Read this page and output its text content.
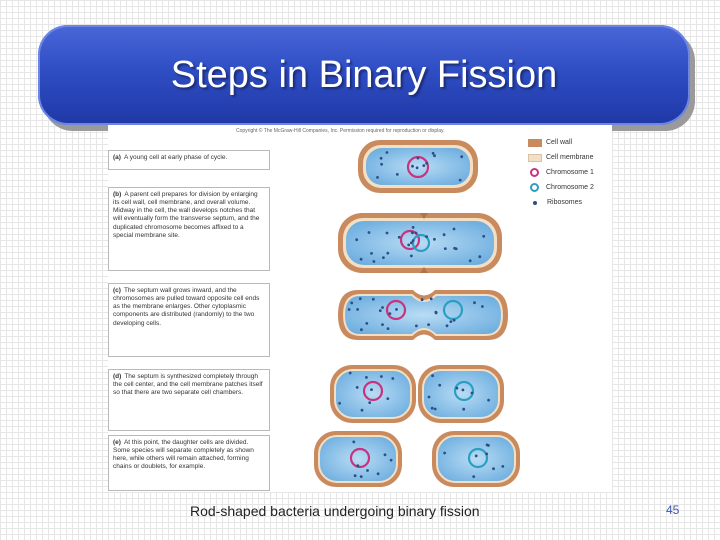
Steps in Binary Fission
Copyright © The McGraw-Hill Companies, Inc. Permission required for reproduction or display.
(a) A young cell at early phase of cycle.
(b) A parent cell prepares for division by enlarging its cell wall, cell membrane, and overall volume. Midway in the cell, the wall develops notches that will eventually form the transverse septum, and the duplicated chromosome becomes affixed to a special membrane site.
(c) The septum wall grows inward, and the chromosomes are pulled toward opposite cell ends as the membrane enlarges. Other cytoplasmic components are distributed (randomly) to the two developing cells.
(d) The septum is synthesized completely through the cell center, and the cell membrane patches itself so that there are two separate cell chambers.
(e) At this point, the daughter cells are divided. Some species will separate completely as shown here, while others will remain attached, forming chains or doublets, for example.
Cell wall
Cell membrane
Chromosome 1
Chromosome 2
Ribosomes
Rod-shaped bacteria undergoing binary fission	45
